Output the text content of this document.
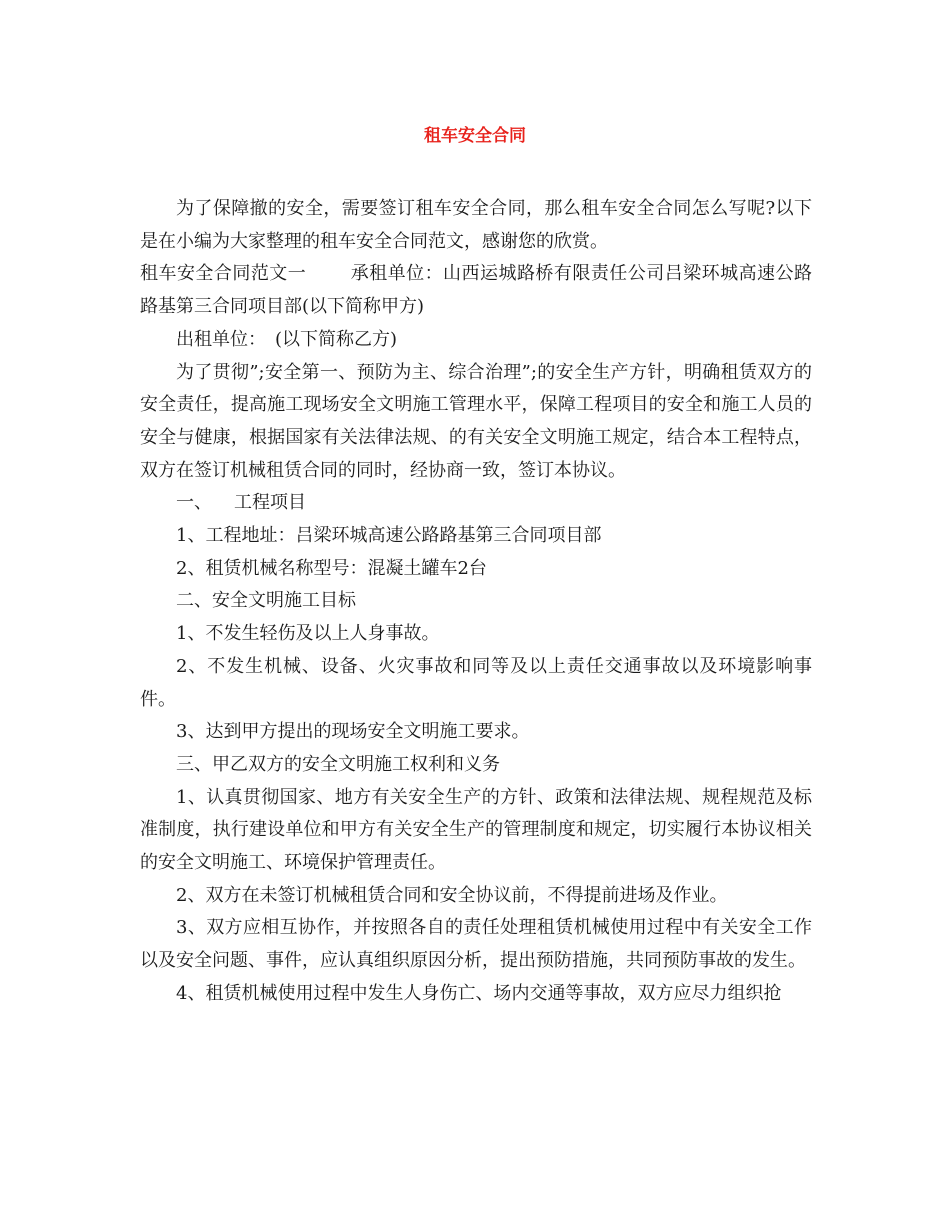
租车安全合同

为了保障撤的安全，需要签订租车安全合同，那么租车安全合同怎么写呢?以下是在小编为大家整理的租车安全合同范文，感谢您的欣赏。

租车安全合同范文一 承租单位：山西运城路桥有限责任公司吕梁环城高速公路路基第三合同项目部(以下简称甲方)

出租单位：　(以下简称乙方)

为了贯彻”;安全第一、预防为主、综合治理”;的安全生产方针，明确租赁双方的安全责任，提高施工现场安全文明施工管理水平，保障工程项目的安全和施工人员的安全与健康，根据国家有关法律法规、的有关安全文明施工规定，结合本工程特点，双方在签订机械租赁合同的同时，经协商一致，签订本协议。

一、 工程项目

1、工程地址：吕梁环城高速公路路基第三合同项目部

2、租赁机械名称型号：混凝土罐车2台

二、安全文明施工目标

1、不发生轻伤及以上人身事故。

2、不发生机械、设备、火灾事故和同等及以上责任交通事故以及环境影响事件。

3、达到甲方提出的现场安全文明施工要求。

三、甲乙双方的安全文明施工权利和义务

1、认真贯彻国家、地方有关安全生产的方针、政策和法律法规、规程规范及标准制度，执行建设单位和甲方有关安全生产的管理制度和规定，切实履行本协议相关的安全文明施工、环境保护管理责任。

2、双方在未签订机械租赁合同和安全协议前，不得提前进场及作业。

3、双方应相互协作，并按照各自的责任处理租赁机械使用过程中有关安全工作以及安全问题、事件，应认真组织原因分析，提出预防措施，共同预防事故的发生。

4、租赁机械使用过程中发生人身伤亡、场内交通等事故，双方应尽力组织抢
